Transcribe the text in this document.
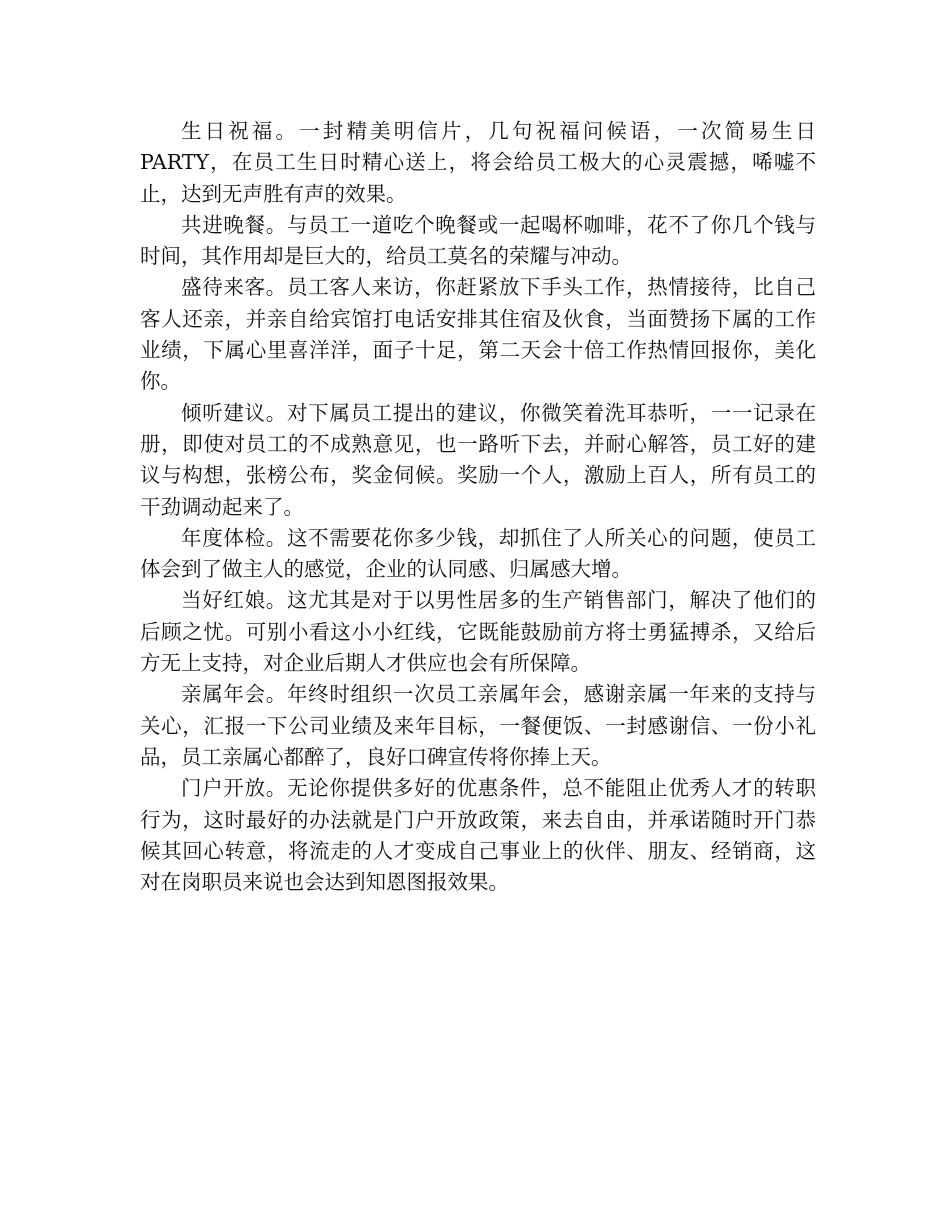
生日祝福。一封精美明信片，几句祝福问候语，一次简易生日PARTY，在员工生日时精心送上，将会给员工极大的心灵震撼，唏嘘不止，达到无声胜有声的效果。

共进晚餐。与员工一道吃个晚餐或一起喝杯咖啡，花不了你几个钱与时间，其作用却是巨大的，给员工莫名的荣耀与冲动。

盛待来客。员工客人来访，你赶紧放下手头工作，热情接待，比自己客人还亲，并亲自给宾馆打电话安排其住宿及伙食，当面赞扬下属的工作业绩，下属心里喜洋洋，面子十足，第二天会十倍工作热情回报你，美化你。

倾听建议。对下属员工提出的建议，你微笑着洗耳恭听，一一记录在册，即使对员工的不成熟意见，也一路听下去，并耐心解答，员工好的建议与构想，张榜公布，奖金伺候。奖励一个人，激励上百人，所有员工的干劲调动起来了。

年度体检。这不需要花你多少钱，却抓住了人所关心的问题，使员工体会到了做主人的感觉，企业的认同感、归属感大增。

当好红娘。这尤其是对于以男性居多的生产销售部门，解决了他们的后顾之忧。可别小看这小小红线，它既能鼓励前方将士勇猛搏杀，又给后方无上支持，对企业后期人才供应也会有所保障。

亲属年会。年终时组织一次员工亲属年会，感谢亲属一年来的支持与关心，汇报一下公司业绩及来年目标，一餐便饭、一封感谢信、一份小礼品，员工亲属心都醉了，良好口碑宣传将你捧上天。

门户开放。无论你提供多好的优惠条件，总不能阻止优秀人才的转职行为，这时最好的办法就是门户开放政策，来去自由，并承诺随时开门恭候其回心转意，将流走的人才变成自己事业上的伙伴、朋友、经销商，这对在岗职员来说也会达到知恩图报效果。
